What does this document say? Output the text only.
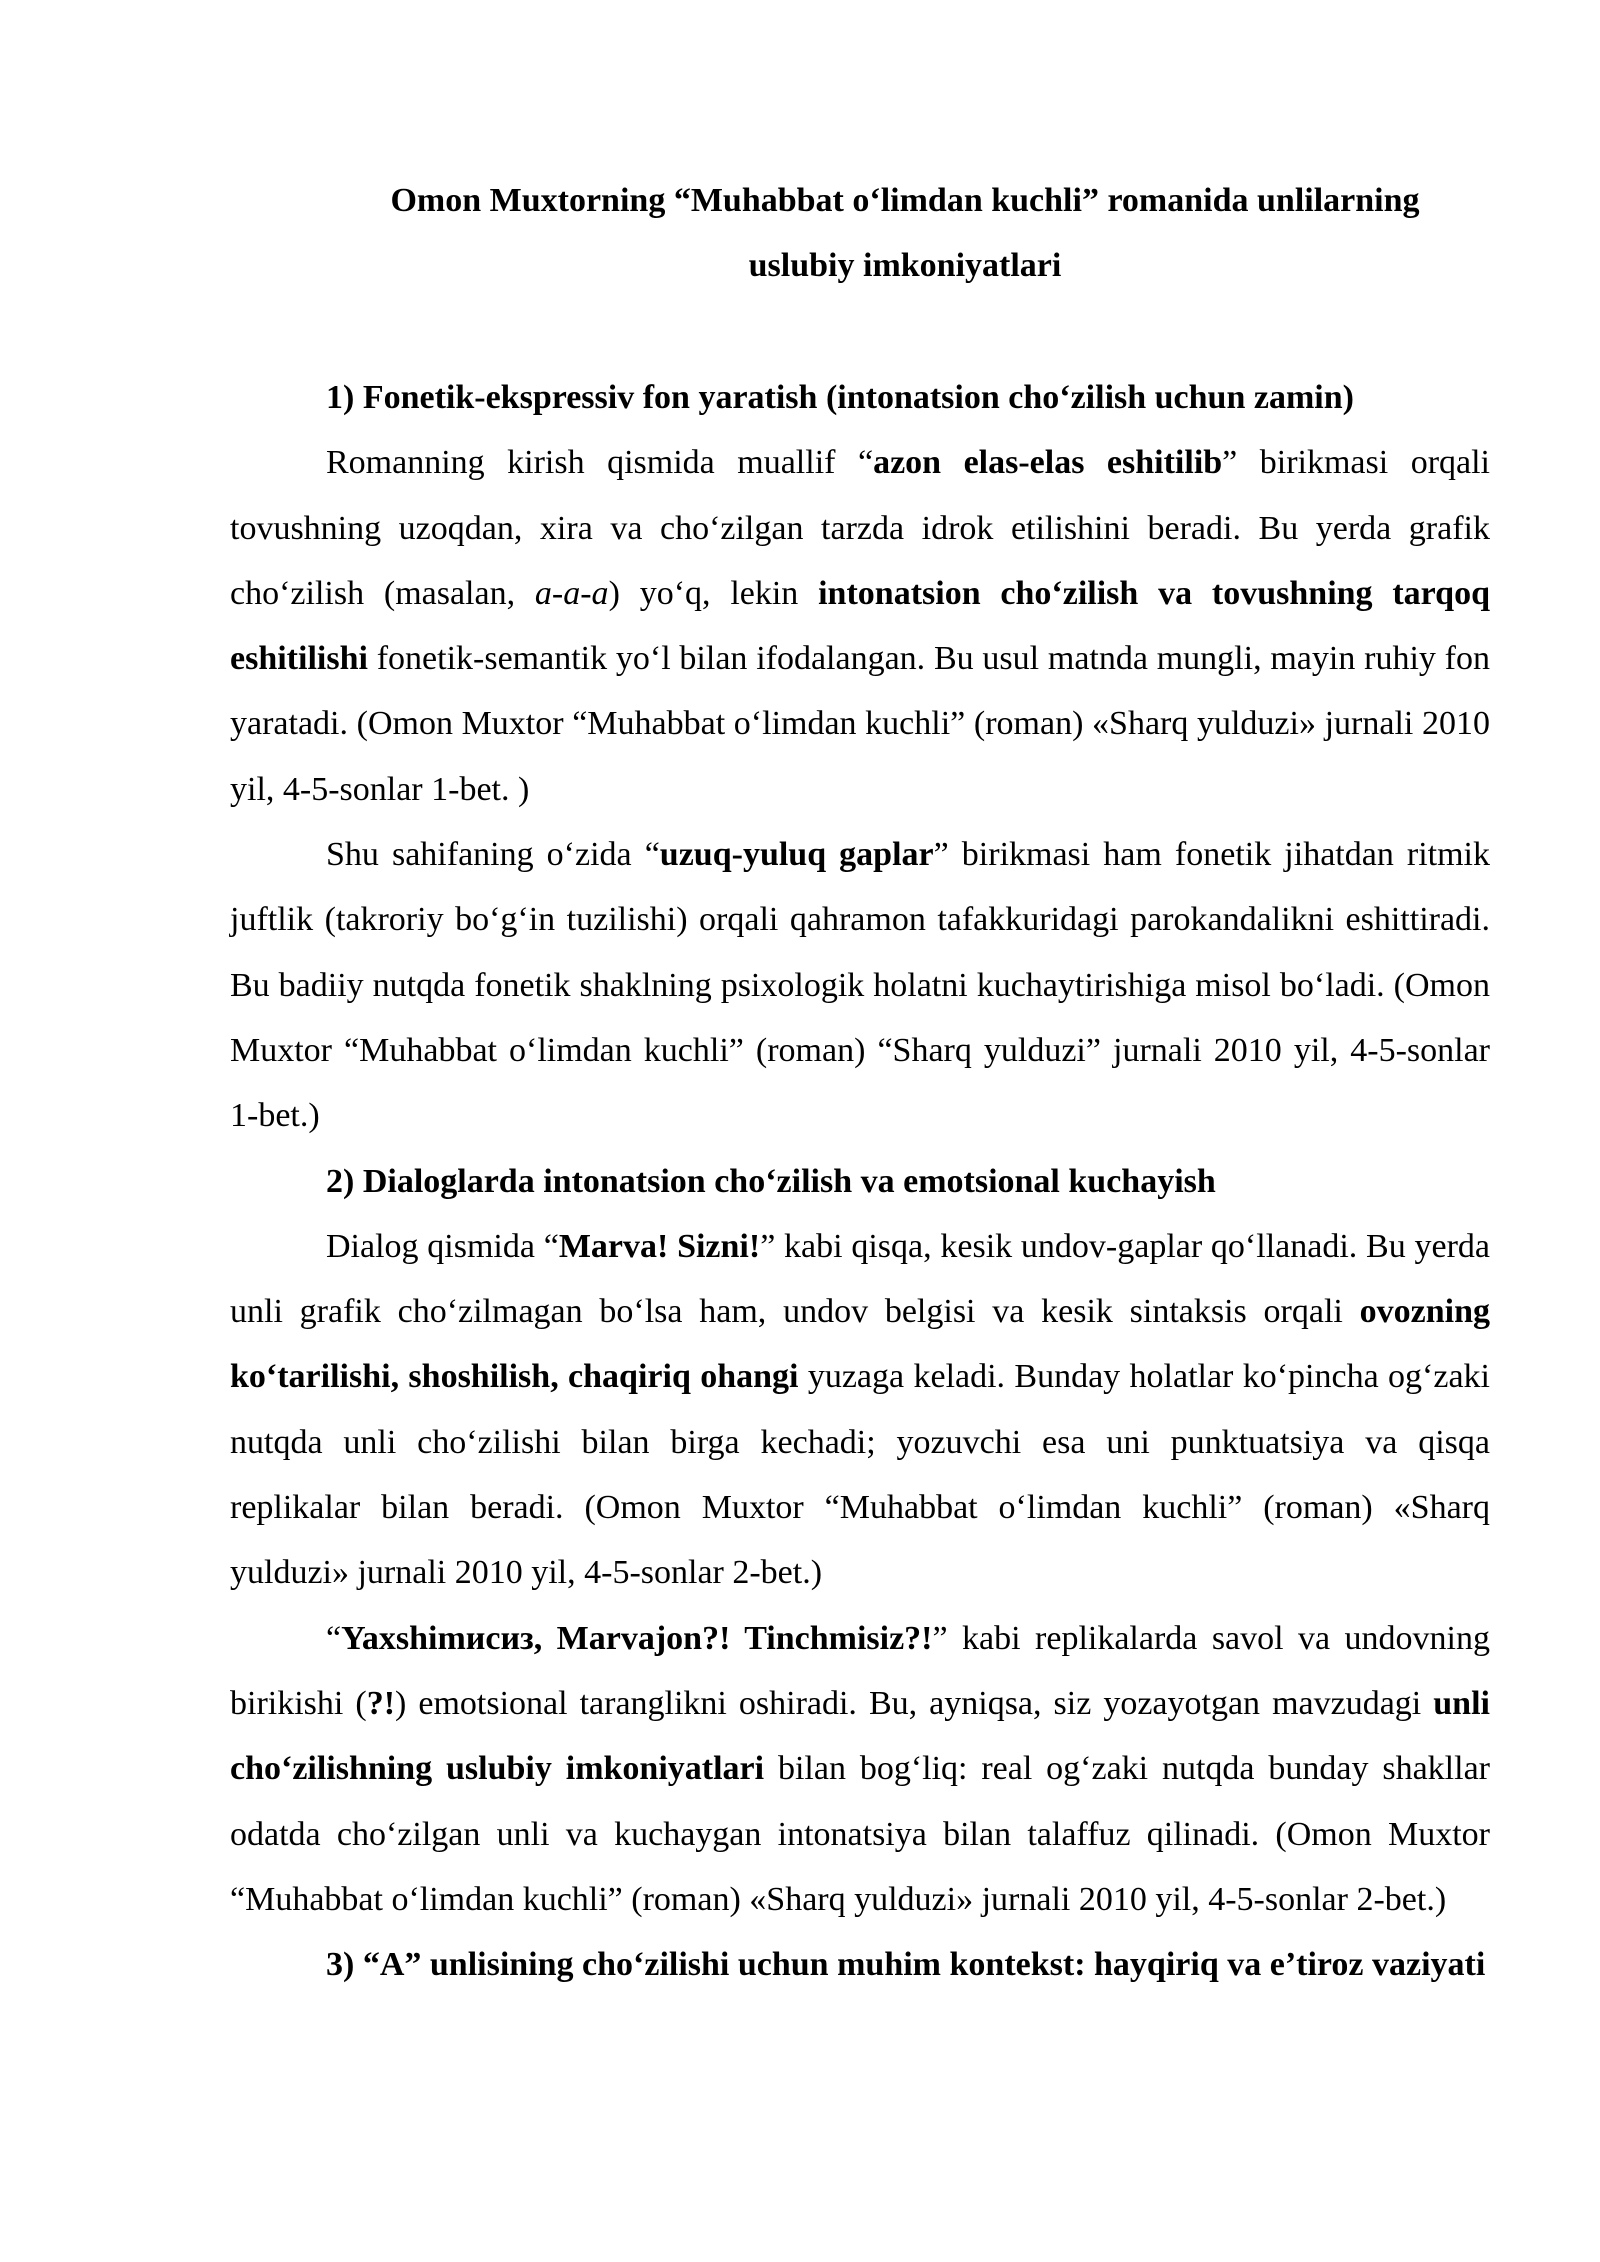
Omon Muxtorning “Muhabbat o‘limdan kuchli” romanida unlilarning
uslubiy imkoniyatlari

1) Fonetik-ekspressiv fon yaratish (intonatsion cho‘zilish uchun zamin)

Romanning kirish qismida muallif “azon elas-elas eshitilib” birikmasi orqali tovushning uzoqdan, xira va cho‘zilgan tarzda idrok etilishini beradi. Bu yerda grafik cho‘zilish (masalan, a-a-a) yo‘q, lekin intonatsion cho‘zilish va tovushning tarqoq eshitilishi fonetik-semantik yo‘l bilan ifodalangan. Bu usul matnda mungli, mayin ruhiy fon yaratadi. (Omon Muxtor “Muhabbat o‘limdan kuchli” (roman) «Sharq yulduzi» jurnali 2010 yil, 4-5-sonlar 1-bet. )

Shu sahifaning o‘zida “uzuq-yuluq gaplar” birikmasi ham fonetik jihatdan ritmik juftlik (takroriy bo‘g‘in tuzilishi) orqali qahramon tafakkuridagi parokandalikni eshittiradi. Bu badiiy nutqda fonetik shaklning psixologik holatni kuchaytirishiga misol bo‘ladi. (Omon Muxtor “Muhabbat o‘limdan kuchli” (roman) “Sharq yulduzi” jurnali 2010 yil, 4-5-sonlar 1-bet.)

2) Dialoglarda intonatsion cho‘zilish va emotsional kuchayish

Dialog qismida “Marva! Sizni!” kabi qisqa, kesik undov-gaplar qo‘llanadi. Bu yerda unli grafik cho‘zilmagan bo‘lsa ham, undov belgisi va kesik sintaksis orqali ovozning ko‘tarilishi, shoshilish, chaqiriq ohangi yuzaga keladi. Bunday holatlar ko‘pincha og‘zaki nutqda unli cho‘zilishi bilan birga kechadi; yozuvchi esa uni punktuatsiya va qisqa replikalar bilan beradi. (Omon Muxtor “Muhabbat o‘limdan kuchli” (roman) «Sharq yulduzi» jurnali 2010 yil, 4-5-sonlar 2-bet.)

“Yaxshimисиз, Marvajon?! Tinchmisiz?!” kabi replikalarda savol va undovning birikishi (?!) emotsional taranglikni oshiradi. Bu, ayniqsa, siz yozayotgan mavzudagi unli cho‘zilishning uslubiy imkoniyatlari bilan bog‘liq: real og‘zaki nutqda bunday shakllar odatda cho‘zilgan unli va kuchaygan intonatsiya bilan talaffuz qilinadi. (Omon Muxtor “Muhabbat o‘limdan kuchli” (roman) «Sharq yulduzi» jurnali 2010 yil, 4-5-sonlar 2-bet.)

3) “A” unlisining cho‘zilishi uchun muhim kontekst: hayqiriq va e’tiroz vaziyati
